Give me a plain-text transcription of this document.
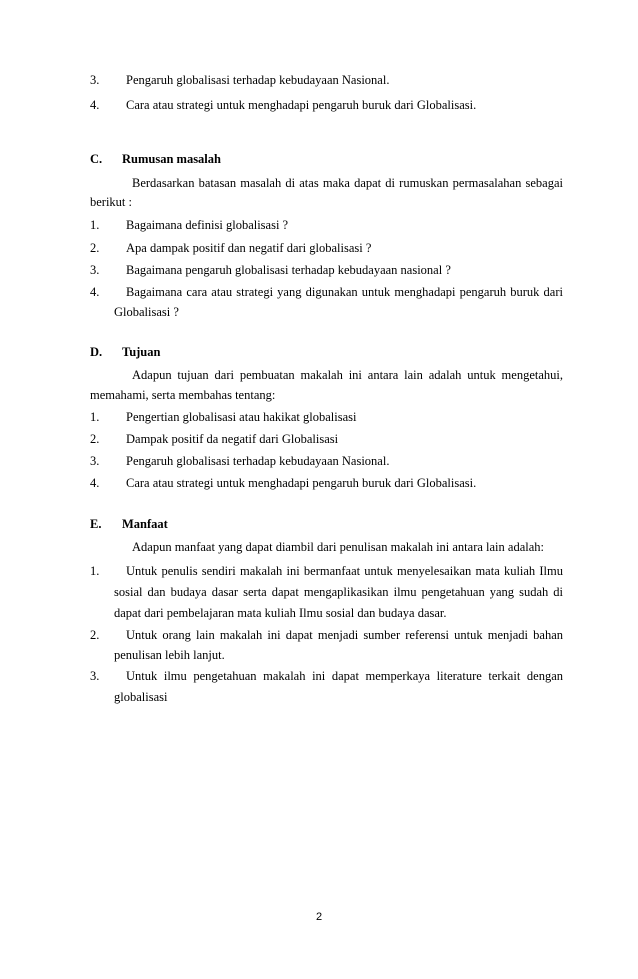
3. Pengaruh globalisasi terhadap kebudayaan Nasional.
4. Cara atau strategi untuk menghadapi pengaruh buruk dari Globalisasi.
C. Rumusan masalah
Berdasarkan batasan masalah di atas maka dapat di rumuskan permasalahan sebagai
berikut :
1. Bagaimana definisi globalisasi ?
2. Apa dampak positif dan negatif dari globalisasi ?
3. Bagaimana pengaruh globalisasi terhadap kebudayaan nasional ?
4. Bagaimana cara atau strategi yang digunakan untuk menghadapi pengaruh buruk dari
Globalisasi ?
D. Tujuan
Adapun tujuan dari pembuatan makalah ini antara lain adalah untuk mengetahui,
memahami, serta membahas tentang:
1. Pengertian globalisasi atau hakikat globalisasi
2. Dampak positif da negatif dari Globalisasi
3. Pengaruh globalisasi terhadap kebudayaan Nasional.
4. Cara atau strategi untuk menghadapi pengaruh buruk dari Globalisasi.
E. Manfaat
Adapun manfaat yang dapat diambil dari penulisan makalah ini antara lain adalah:
1. Untuk penulis sendiri makalah ini bermanfaat untuk menyelesaikan mata kuliah Ilmu
sosial dan budaya dasar serta dapat mengaplikasikan ilmu pengetahuan yang sudah di
dapat dari pembelajaran mata kuliah Ilmu sosial dan budaya dasar.
2. Untuk orang lain makalah ini dapat menjadi sumber referensi untuk menjadi bahan
penulisan lebih lanjut.
3. Untuk ilmu pengetahuan makalah ini dapat memperkaya literature terkait dengan
globalisasi
2
